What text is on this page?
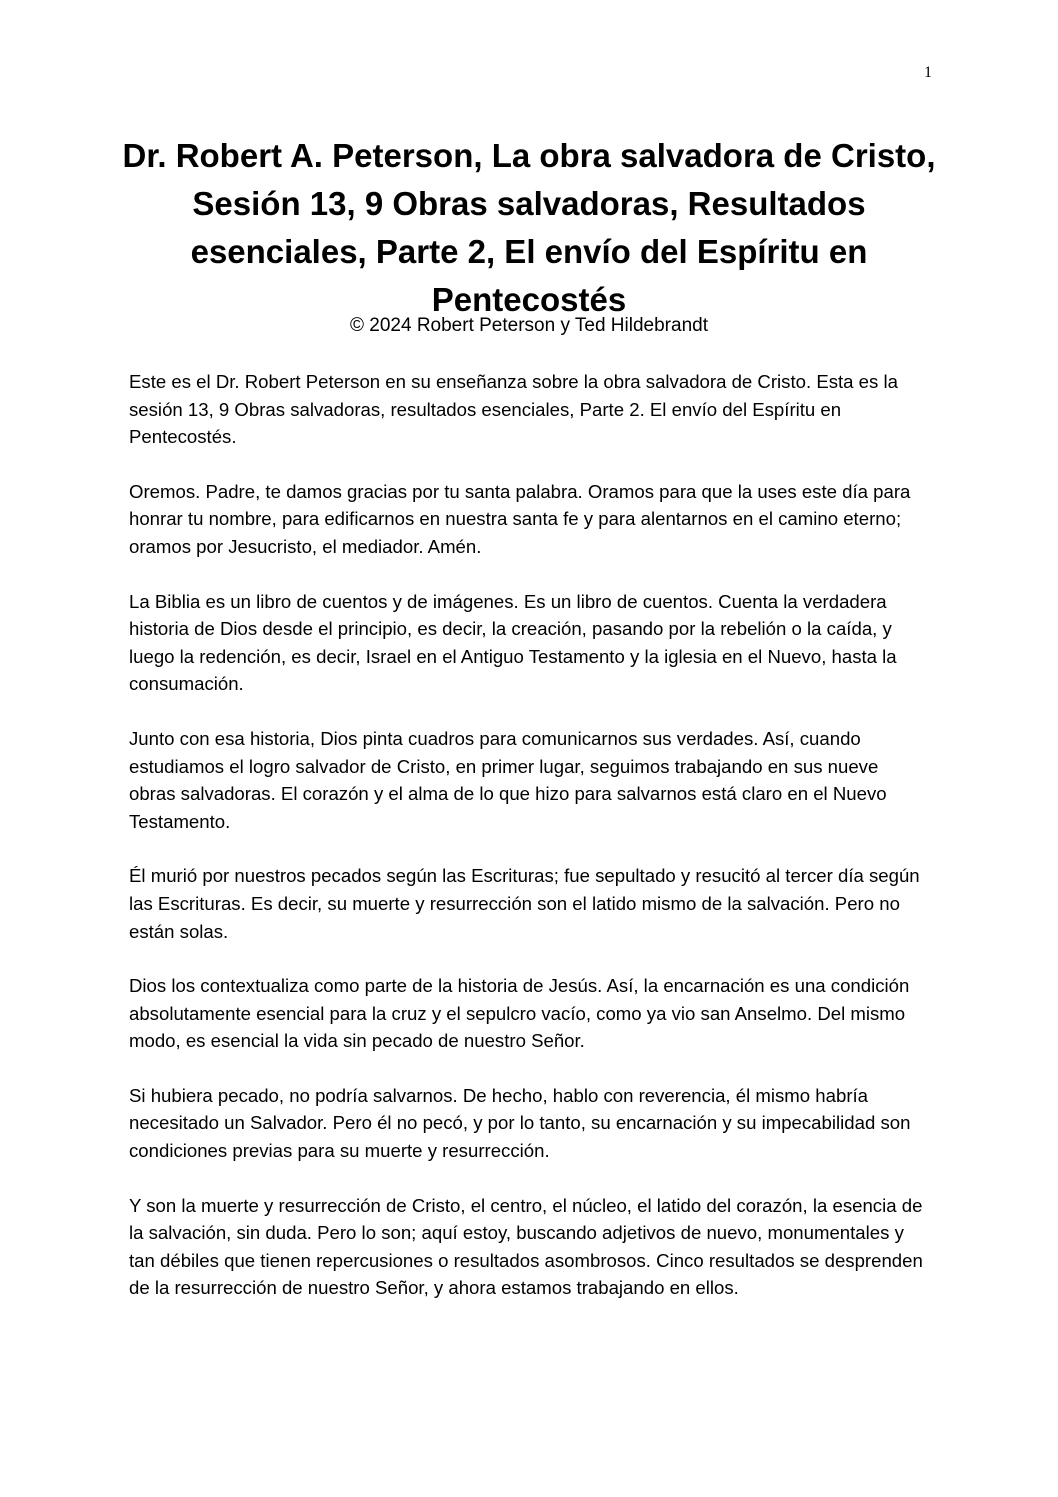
1
Dr. Robert A. Peterson, La obra salvadora de Cristo, Sesión 13, 9 Obras salvadoras, Resultados esenciales, Parte 2, El envío del Espíritu en Pentecostés
© 2024 Robert Peterson y Ted Hildebrandt

Este es el Dr. Robert Peterson en su enseñanza sobre la obra salvadora de Cristo. Esta es la sesión 13, 9 Obras salvadoras, resultados esenciales, Parte 2. El envío del Espíritu en Pentecostés.

Oremos. Padre, te damos gracias por tu santa palabra. Oramos para que la uses este día para honrar tu nombre, para edificarnos en nuestra santa fe y para alentarnos en el camino eterno; oramos por Jesucristo, el mediador. Amén.

La Biblia es un libro de cuentos y de imágenes. Es un libro de cuentos. Cuenta la verdadera historia de Dios desde el principio, es decir, la creación, pasando por la rebelión o la caída, y luego la redención, es decir, Israel en el Antiguo Testamento y la iglesia en el Nuevo, hasta la consumación.

Junto con esa historia, Dios pinta cuadros para comunicarnos sus verdades. Así, cuando estudiamos el logro salvador de Cristo, en primer lugar, seguimos trabajando en sus nueve obras salvadoras. El corazón y el alma de lo que hizo para salvarnos está claro en el Nuevo Testamento.

Él murió por nuestros pecados según las Escrituras; fue sepultado y resucitó al tercer día según las Escrituras. Es decir, su muerte y resurrección son el latido mismo de la salvación. Pero no están solas.

Dios los contextualiza como parte de la historia de Jesús. Así, la encarnación es una condición absolutamente esencial para la cruz y el sepulcro vacío, como ya vio san Anselmo. Del mismo modo, es esencial la vida sin pecado de nuestro Señor.

Si hubiera pecado, no podría salvarnos. De hecho, hablo con reverencia, él mismo habría necesitado un Salvador. Pero él no pecó, y por lo tanto, su encarnación y su impecabilidad son condiciones previas para su muerte y resurrección.

Y son la muerte y resurrección de Cristo, el centro, el núcleo, el latido del corazón, la esencia de la salvación, sin duda. Pero lo son; aquí estoy, buscando adjetivos de nuevo, monumentales y tan débiles que tienen repercusiones o resultados asombrosos. Cinco resultados se desprenden de la resurrección de nuestro Señor, y ahora estamos trabajando en ellos.
